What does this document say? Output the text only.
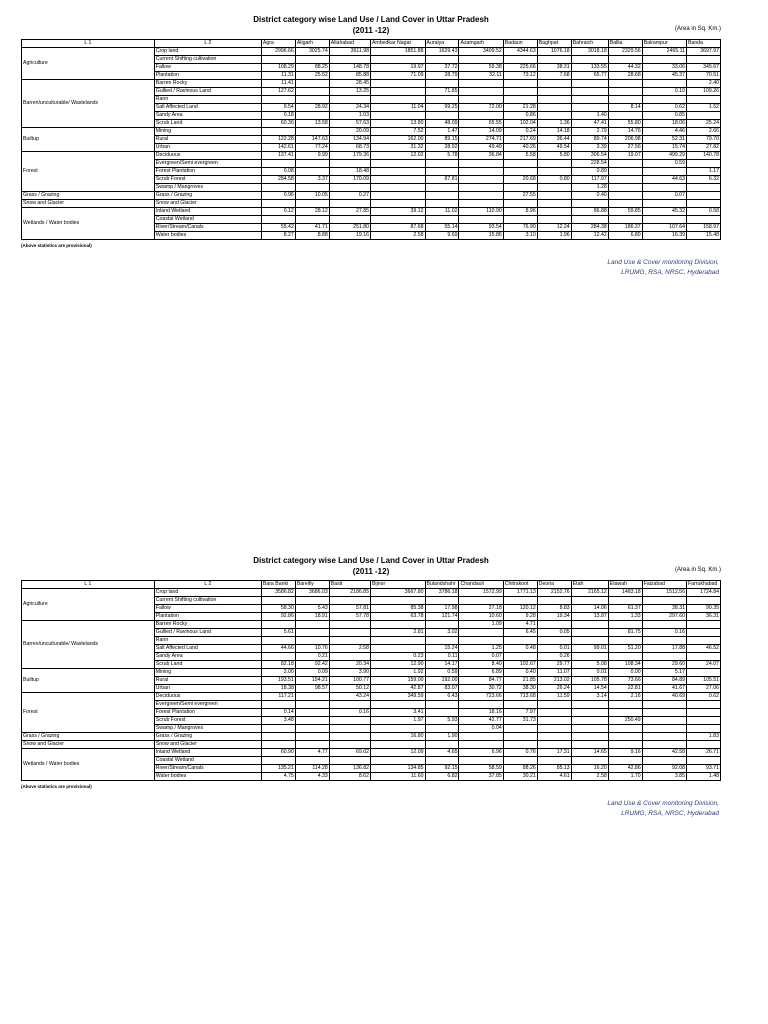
District category wise Land Use / Land Cover in Uttar Pradesh
(2011 -12)	(Area in Sq. Km.)
L 1	L 2	Agra	Aligarh	Allahabad	Ambedkar Nagar	Auraiya	Azamgarh	Badaun	Baghpat	Bahraich	Ballia	Balrampur	Banda
Agriculture	Crop land	2996.66	3025.74	3911.98	1851.88	1629.43	3409.52	4344.63	1076.18	3018.18	2329.56	2465.11	3697.97
	Current Shifting cultivation												
	Fallow	108.29	88.25	148.78	19.97	37.72	59.38	225.66	38.31	133.55	44.32	33.06	345.67
	Plantation	11.31	25.52	85.88	71.09	28.79	32.11	73.12	7.68	65.77	28.68	45.37	70.51
Barren/unculturable/ Wastelands	Barren Rocky	11.41		28.45									2.40
	Gullied / Ravinous Land	127.62		13.25		71.85						0.10	109.26
	Rann												
	Salt Affected Land	9.54	28.92	24.34	11.04	99.25	72.00	21.28			8.14	0.62	1.52
	Sandy Area	0.18		1.03				0.86		1.40		0.85	
	Scrub Land	60.36	13.58	57.63	13.80	48.09	65.55	102.04	1.36	47.41	55.80	18.06	25.24
Builtup	Mining			20.09	7.52	1.47	14.09	0.24	14.18	2.79	14.76	4.46	2.66
	Rural	122.28	147.63	134.94	162.00	89.15	274.71	217.69	36.44	89.74	206.98	52.31	79.70
	Urban	142.61	77.24	68.73	31.32	28.92	49.49	40.26	49.54	3.39	27.56	15.74	27.82
Forest	Deciduous	137.41	9.99	179.36	12.02	5.78	36.84	5.58	5.80	306.54	19.07	499.29	140.78
	Evergreen/Semi evergreen									228.54		0.59	
	Forest Plantation	0.08		18.48						0.89			1.17
	Scrub Forest	284.58	3.37	170.09		87.81		20.68	0.80	117.97		44.63	6.32
	Swamp / Mangroves									1.28			
Grass / Grazing	Grass / Grazing	0.96	10.05	0.27				27.55		0.40		0.07	
Snow and Glacier	Snow and Glacier												
Wetlands / Water bodies	Inland Wetland	0.12	28.12	27.85	39.12	11.02	110.90	8.96		86.88	59.85	45.32	0.58
	Coastal Wetland												
	River/Stream/Canals	55.42	41.71	251.80	87.68	55.14	93.54	76.90	12.24	284.38	186.37	107.64	158.97
	Water bodies	8.27	8.88	19.16	2.58	9.69	15.86	3.10	1.96	12.42	6.80	16.39	15.48
(Above statistics are provisional)
Land Use & Cover monitoring Division,
LRUMG, RSA, NRSC, Hyderabad
District category wise Land Use / Land Cover in Uttar Pradesh
(2011 -12)	(Area in Sq. Km.)
L 1	L 2	Bara Banki	Bareilly	Basti	Bijnor	Bulandshahr	Chandauli	Chitrakoot	Deoria	Etah	Etawah	Faizabad	Farrukhabad
Agriculture	Crop land	3586.82	3686.03	2186.85	3667.80	3786.18	1572.99	1771.13	2152.76	2165.12	1483.18	1512.56	1724.84
	Current Shifting cultivation												
	Fallow	58.30	5.43	57.81	85.38	17.98	27.18	120.12	8.83	14.06	61.37	38.31	90.35
	Plantation	92.86	18.91	57.78	63.78	121.74	10.60	9.28	19.34	13.87	1.33	297.60	36.31
Barren/unculturable/ Wastelands	Barren Rocky						1.09	4.71					
	Gullied / Ravinous Land	5.61			2.81	3.02		6.45	0.05		81.75	0.16	
	Rann												
	Salt Affected Land	44.66	10.76	2.58		15.24	1.25	0.48	0.01	99.01	51.20	17.88	46.52
	Sandy Area		0.21		0.23	0.11	0.07		0.26				
	Scrub Land	82.18	92.42	20.34	12.90	14.17	8.40	102.67	29.77	5.08	108.34	29.60	24.07
Builtup	Mining	2.00	0.09	3.90	1.92	0.59	6.89	0.40	11.07	0.01	0.00	5.17	
	Rural	193.51	194.21	100.77	159.00	192.00	84.77	21.85	213.02	105.78	73.66	84.89	105.51
	Urban	18.38	98.57	50.12	42.87	83.07	30.72	38.30	26.24	14.54	22.81	41.67	27.06
Forest	Deciduous	117.21		43.24	349.59	6.43	723.66	713.68	11.59	3.14	2.16	40.69	0.62
	Evergreen/Semi evergreen												
	Forest Plantation	0.14		0.16	3.41		18.16	7.97					
	Scrub Forest	3.48			1.97	5.93	42.77	31.73			250.49		
	Swamp / Mangroves						0.04						
Grass / Grazing	Grass / Grazing				16.80	1.90							1.83
Snow and Glacier	Snow and Glacier												
Wetlands / Water bodies	Inland Wetland	60.90	4.77	69.02	12.09	4.65	6.96	0.76	17.31	14.65	9.16	42.58	26.71
	Coastal Wetland												
	River/Stream/Canals	135.21	114.28	136.82	134.85	92.15	58.59	88.26	85.13	16.20	42.86	92.08	93.71
	Water bodies	4.75	4.33	8.62	11.60	6.82	37.85	30.21	4.61	2.58	1.70	3.85	1.48
(Above statistics are provisional)
Land Use & Cover monitoring Division,
LRUMG, RSA, NRSC, Hyderabad
